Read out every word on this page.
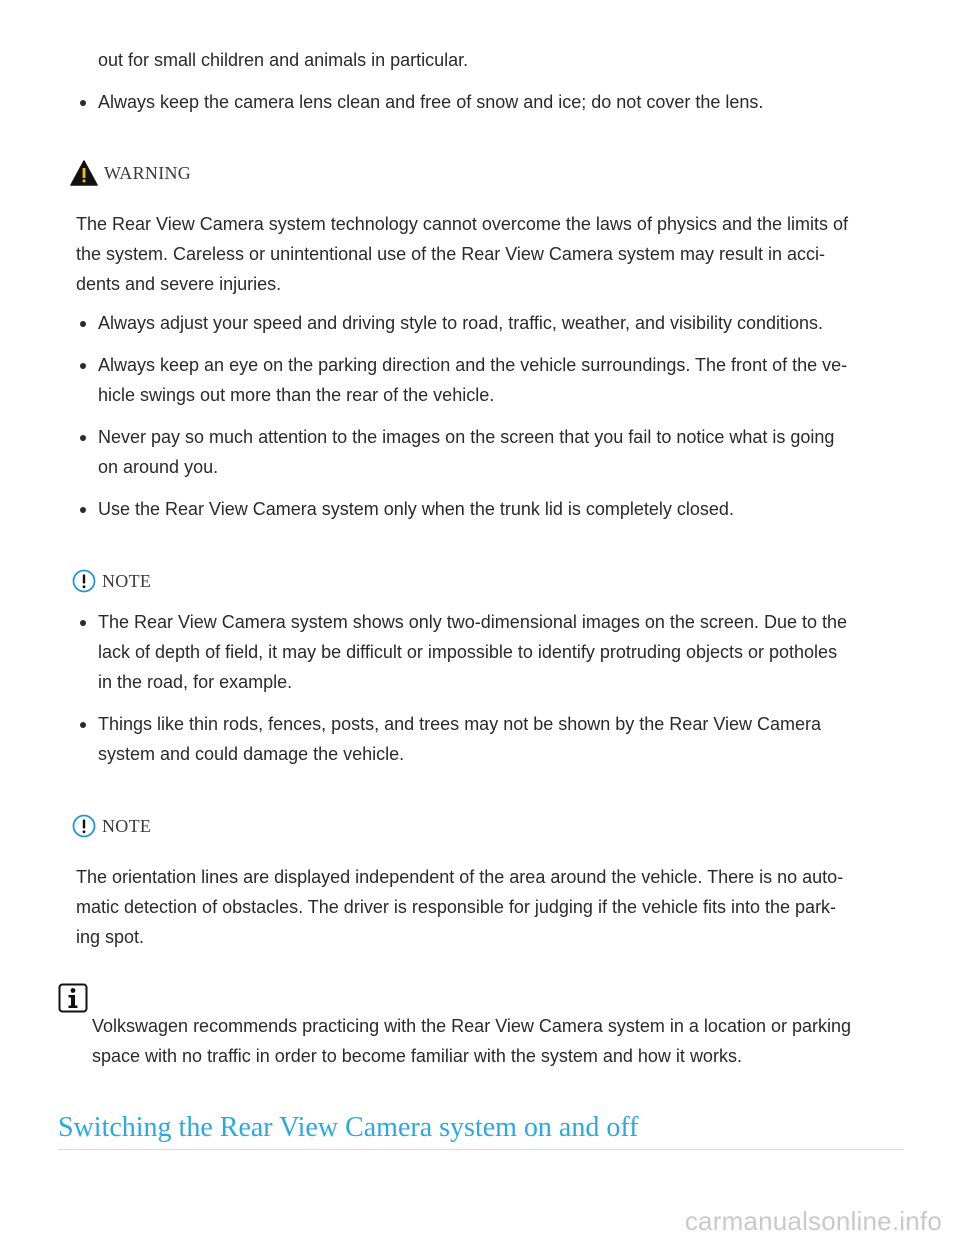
out for small children and animals in particular.
Always keep the camera lens clean and free of snow and ice; do not cover the lens.
WARNING
The Rear View Camera system technology cannot overcome the laws of physics and the limits of
the system. Careless or unintentional use of the Rear View Camera system may result in acci-
dents and severe injuries.
Always adjust your speed and driving style to road, traffic, weather, and visibility conditions.
Always keep an eye on the parking direction and the vehicle surroundings. The front of the ve-
hicle swings out more than the rear of the vehicle.
Never pay so much attention to the images on the screen that you fail to notice what is going
on around you.
Use the Rear View Camera system only when the trunk lid is completely closed.
NOTE
The Rear View Camera system shows only two-dimensional images on the screen. Due to the
lack of depth of field, it may be difficult or impossible to identify protruding objects or potholes
in the road, for example.
Things like thin rods, fences, posts, and trees may not be shown by the Rear View Camera
system and could damage the vehicle.
NOTE
The orientation lines are displayed independent of the area around the vehicle. There is no auto-
matic detection of obstacles. The driver is responsible for judging if the vehicle fits into the park-
ing spot.
Volkswagen recommends practicing with the Rear View Camera system in a location or parking
space with no traffic in order to become familiar with the system and how it works.
Switching the Rear View Camera system on and off
carmanualsonline.info
